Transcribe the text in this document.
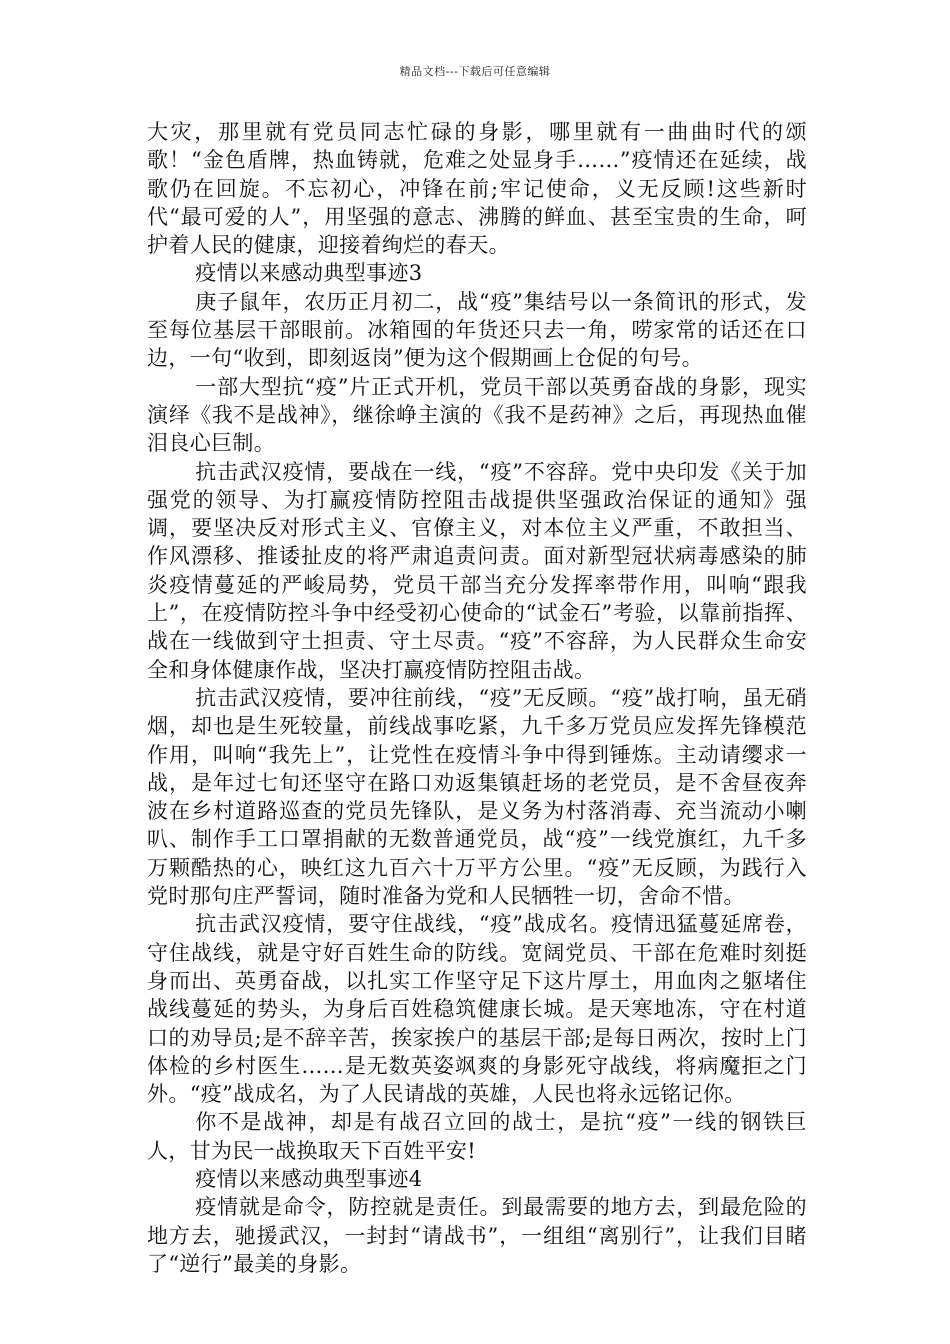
精品文档---下载后可任意编辑

大灾，那里就有党员同志忙碌的身影，哪里就有一曲曲时代的颂歌！“金色盾牌，热血铸就，危难之处显身手……”疫情还在延续，战歌仍在回旋。不忘初心，冲锋在前;牢记使命，义无反顾!这些新时代“最可爱的人”，用坚强的意志、沸腾的鲜血、甚至宝贵的生命，呵护着人民的健康，迎接着绚烂的春天。

疫情以来感动典型事迹3

庚子鼠年，农历正月初二，战“疫”集结号以一条简讯的形式，发至每位基层干部眼前。冰箱囤的年货还只去一角，唠家常的话还在口边，一句“收到，即刻返岗”便为这个假期画上仓促的句号。

一部大型抗“疫”片正式开机，党员干部以英勇奋战的身影，现实演绎《我不是战神》，继徐峥主演的《我不是药神》之后，再现热血催泪良心巨制。

抗击武汉疫情，要战在一线，“疫”不容辞。党中央印发《关于加强党的领导、为打赢疫情防控阻击战提供坚强政治保证的通知》强调，要坚决反对形式主义、官僚主义，对本位主义严重，不敢担当、作风漂移、推诿扯皮的将严肃追责问责。面对新型冠状病毒感染的肺炎疫情蔓延的严峻局势，党员干部当充分发挥率带作用，叫响“跟我上”，在疫情防控斗争中经受初心使命的“试金石”考验，以靠前指挥、战在一线做到守土担责、守土尽责。“疫”不容辞，为人民群众生命安全和身体健康作战，坚决打赢疫情防控阻击战。

抗击武汉疫情，要冲往前线，“疫”无反顾。“疫”战打响，虽无硝烟，却也是生死较量，前线战事吃紧，九千多万党员应发挥先锋模范作用，叫响“我先上”，让党性在疫情斗争中得到锤炼。主动请缨求一战，是年过七旬还坚守在路口劝返集镇赶场的老党员，是不舍昼夜奔波在乡村道路巡查的党员先锋队，是义务为村落消毒、充当流动小喇叭、制作手工口罩捐献的无数普通党员，战“疫”一线党旗红，九千多万颗酷热的心，映红这九百六十万平方公里。“疫”无反顾，为践行入党时那句庄严誓词，随时准备为党和人民牺牲一切，舍命不惜。

抗击武汉疫情，要守住战线，“疫”战成名。疫情迅猛蔓延席卷，守住战线，就是守好百姓生命的防线。宽阔党员、干部在危难时刻挺身而出、英勇奋战，以扎实工作坚守足下这片厚土，用血肉之躯堵住战线蔓延的势头，为身后百姓稳筑健康长城。是天寒地冻，守在村道口的劝导员;是不辞辛苦，挨家挨户的基层干部;是每日两次，按时上门体检的乡村医生……是无数英姿飒爽的身影死守战线，将病魔拒之门外。“疫”战成名，为了人民请战的英雄，人民也将永远铭记你。

你不是战神，却是有战召立回的战士，是抗“疫”一线的钢铁巨人，甘为民一战换取天下百姓平安!

疫情以来感动典型事迹4

疫情就是命令，防控就是责任。到最需要的地方去，到最危险的地方去，驰援武汉，一封封“请战书”，一组组“离别行”，让我们目睹了“逆行”最美的身影。
